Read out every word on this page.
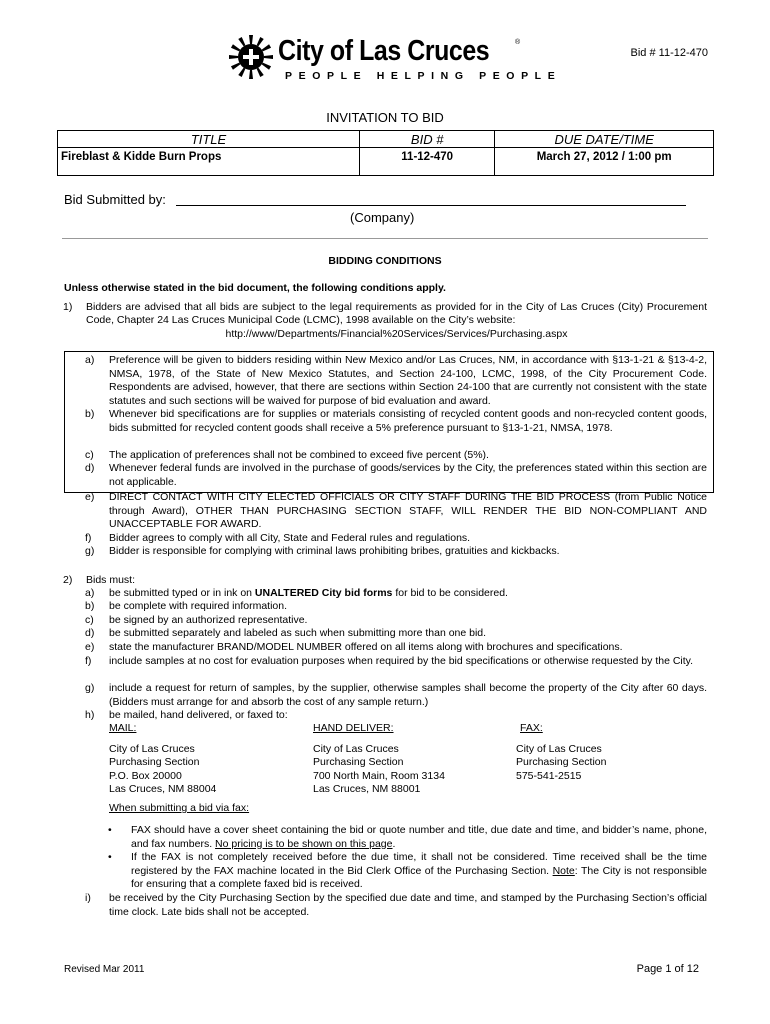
City of Las Cruces	®
PEOPLE HELPING PEOPLE
Bid # 11-12-470
INVITATION TO BID
TITLE	BID #	DUE DATE/TIME
Fireblast & Kidde Burn Props	11-12-470	March 27, 2012 / 1:00 pm
Bid Submitted by:
(Company)
BIDDING CONDITIONS
Unless otherwise stated in the bid document, the following conditions apply.
1) Bidders are advised that all bids are subject to the legal requirements as provided for in the City of Las Cruces (City) Procurement Code, Chapter 24 Las Cruces Municipal Code (LCMC), 1998 available on the City’s website:
http://www/Departments/Financial%20Services/Services/Purchasing.aspx
a) Preference will be given to bidders residing within New Mexico and/or Las Cruces, NM, in accordance with §13-1-21 & §13-4-2, NMSA, 1978, of the State of New Mexico Statutes, and Section 24-100, LCMC, 1998, of the City Procurement Code. Respondents are advised, however, that there are sections within Section 24-100 that are currently not consistent with the state statutes and such sections will be waived for purpose of bid evaluation and award.
b) Whenever bid specifications are for supplies or materials consisting of recycled content goods and non-recycled content goods, bids submitted for recycled content goods shall receive a 5% preference pursuant to §13-1-21, NMSA, 1978.
c) The application of preferences shall not be combined to exceed five percent (5%).
d) Whenever federal funds are involved in the purchase of goods/services by the City, the preferences stated within this section are not applicable.
e) DIRECT CONTACT WITH CITY ELECTED OFFICIALS OR CITY STAFF DURING THE BID PROCESS (from Public Notice through Award), OTHER THAN PURCHASING SECTION STAFF, WILL RENDER THE BID NON-COMPLIANT AND UNACCEPTABLE FOR AWARD.
f) Bidder agrees to comply with all City, State and Federal rules and regulations.
g) Bidder is responsible for complying with criminal laws prohibiting bribes, gratuities and kickbacks.
2) Bids must:
a) be submitted typed or in ink on UNALTERED City bid forms for bid to be considered.
b) be complete with required information.
c) be signed by an authorized representative.
d) be submitted separately and labeled as such when submitting more than one bid.
e) state the manufacturer BRAND/MODEL NUMBER offered on all items along with brochures and specifications.
f) include samples at no cost for evaluation purposes when required by the bid specifications or otherwise requested by the City.
g) include a request for return of samples, by the supplier, otherwise samples shall become the property of the City after 60 days. (Bidders must arrange for and absorb the cost of any sample return.)
h) be mailed, hand delivered, or faxed to:
MAIL:
City of Las Cruces
Purchasing Section
P.O. Box 20000
Las Cruces, NM 88004
HAND DELIVER:
City of Las Cruces
Purchasing Section
700 North Main, Room 3134
Las Cruces, NM 88001
FAX:
City of Las Cruces
Purchasing Section
575-541-2515
When submitting a bid via fax:
• FAX should have a cover sheet containing the bid or quote number and title, due date and time, and bidder’s name, phone, and fax numbers. No pricing is to be shown on this page.
• If the FAX is not completely received before the due time, it shall not be considered. Time received shall be the time registered by the FAX machine located in the Bid Clerk Office of the Purchasing Section. Note: The City is not responsible for ensuring that a complete faxed bid is received.
i) be received by the City Purchasing Section by the specified due date and time, and stamped by the Purchasing Section’s official time clock. Late bids shall not be accepted.
Revised Mar 2011	Page 1 of 12
